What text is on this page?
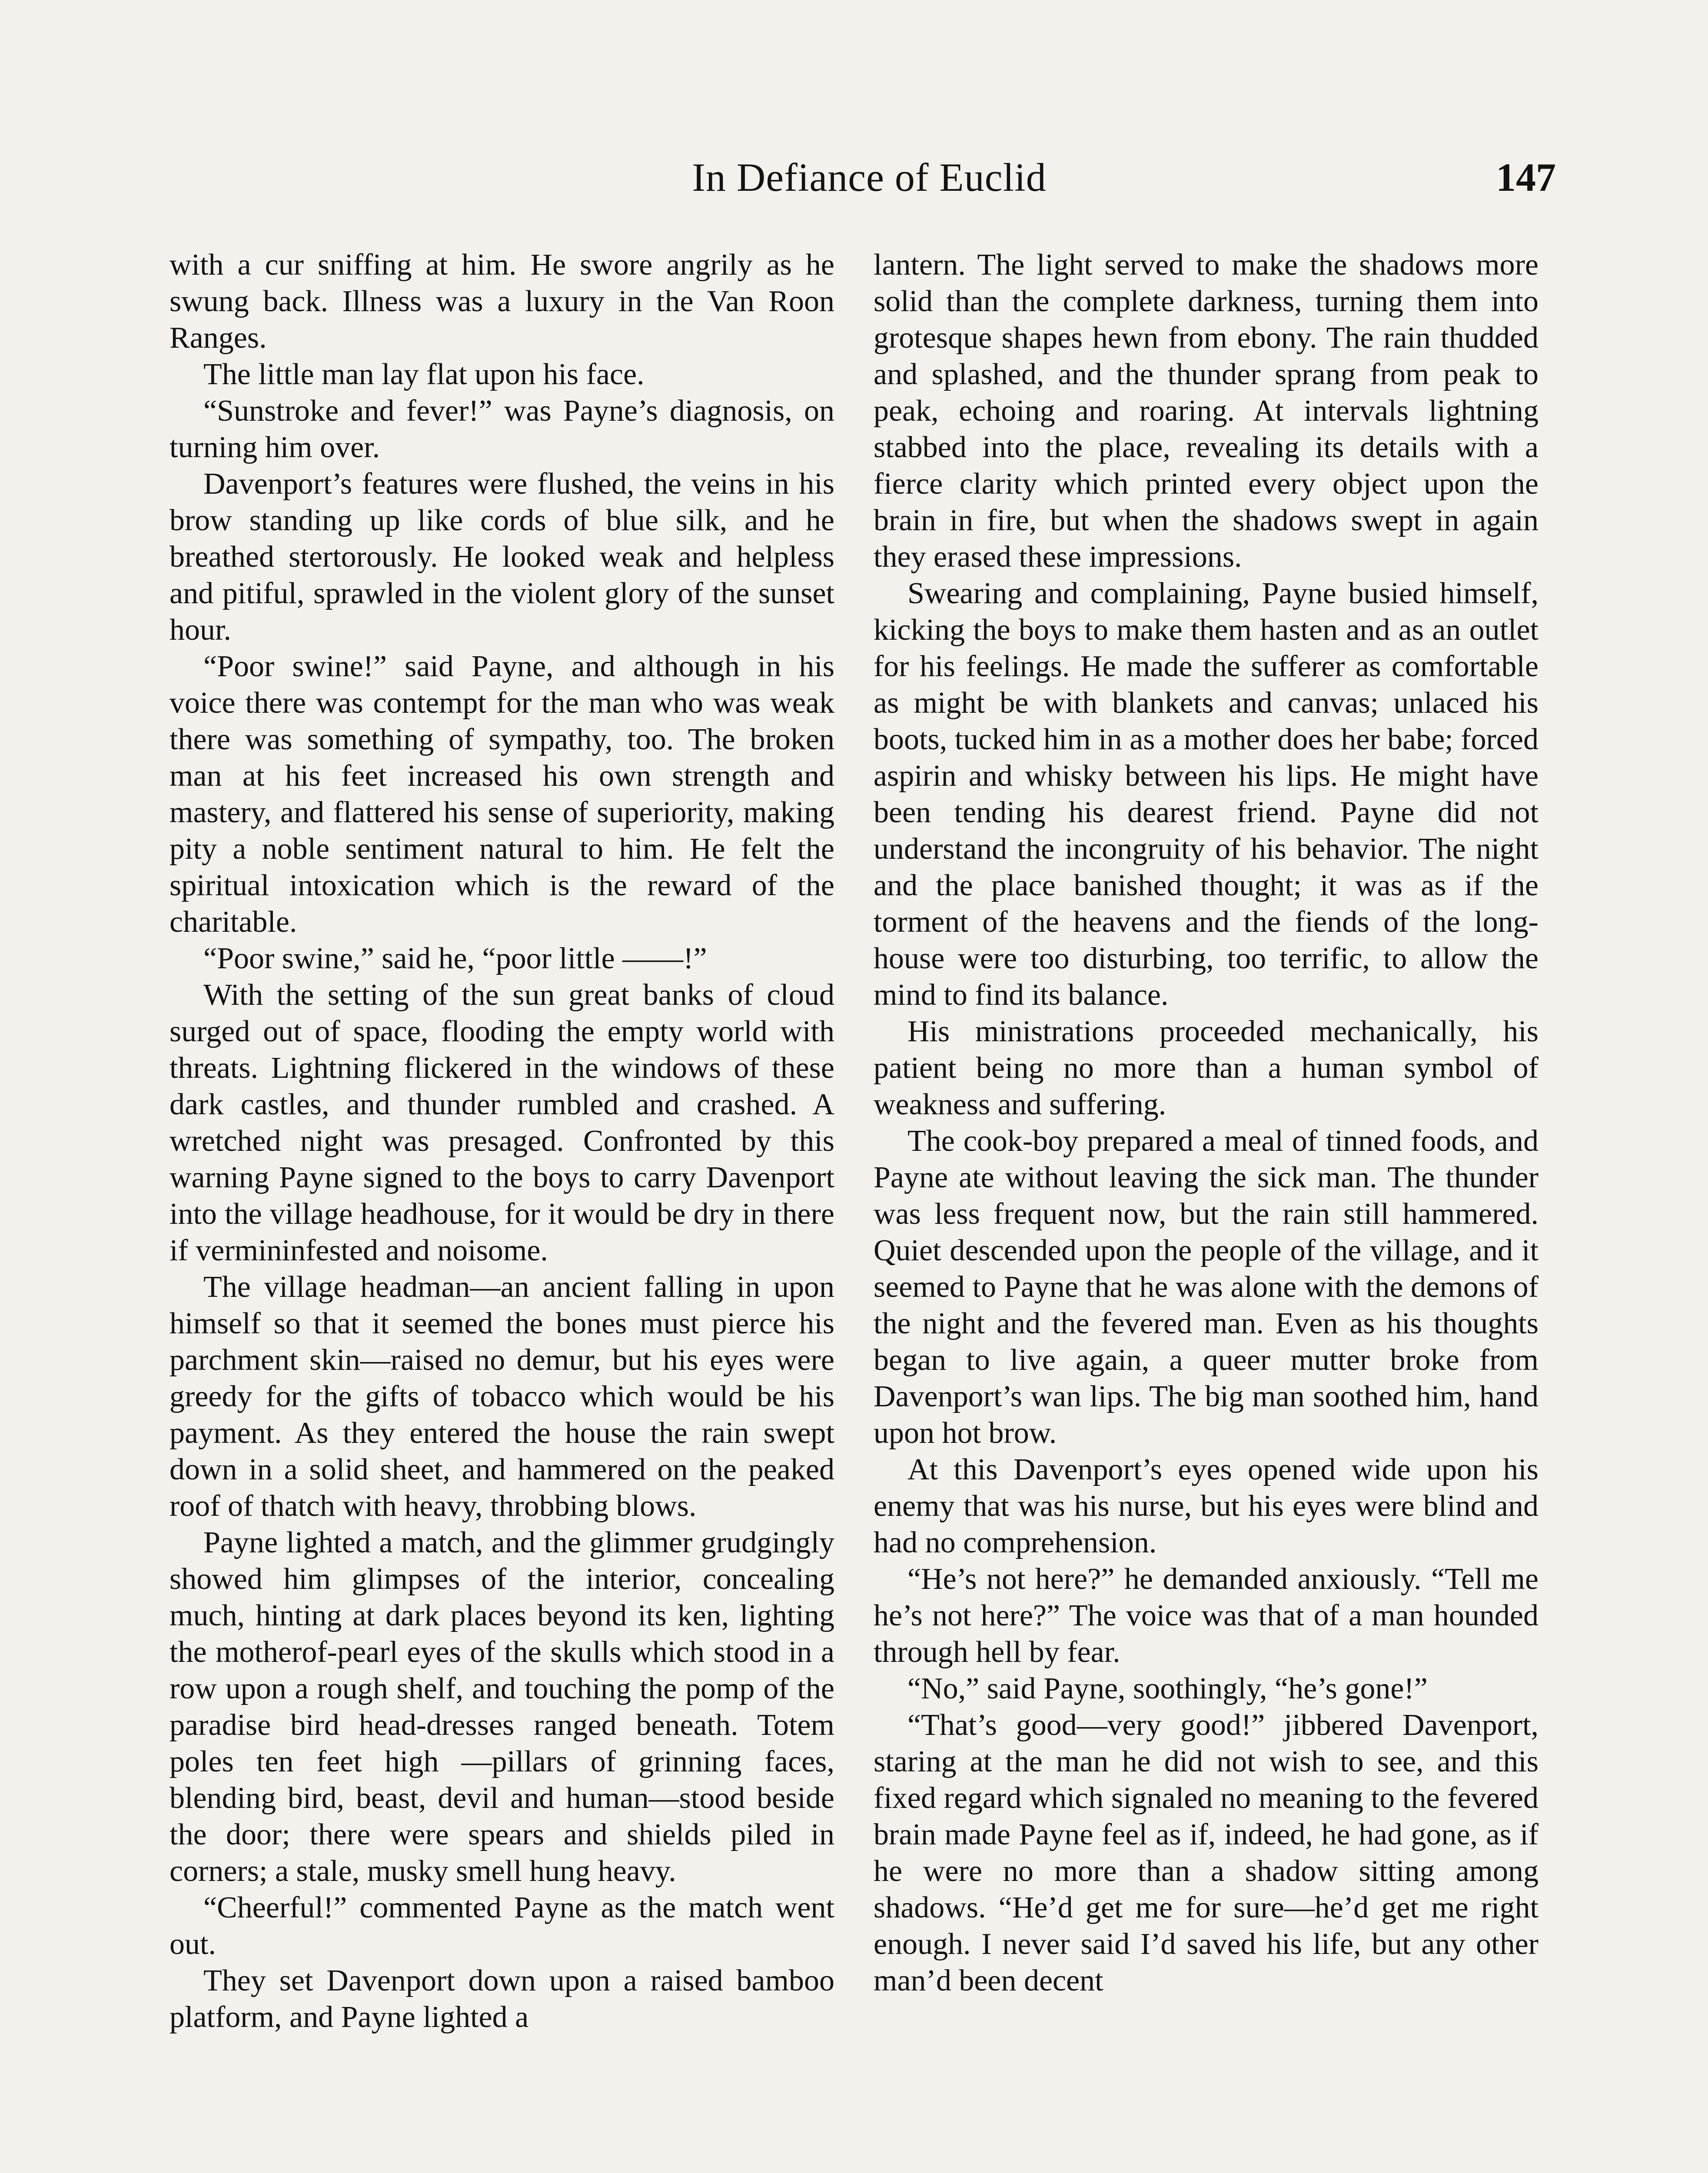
In Defiance of Euclid	147

with a cur sniffing at him. He swore angrily as he swung back. Illness was a luxury in the Van Roon Ranges.

The little man lay flat upon his face.

“Sunstroke and fever!” was Payne’s diagnosis, on turning him over.

Davenport’s features were flushed, the veins in his brow standing up like cords of blue silk, and he breathed stertorously. He looked weak and helpless and pitiful, sprawled in the violent glory of the sunset hour.

“Poor swine!” said Payne, and although in his voice there was contempt for the man who was weak there was something of sympathy, too. The broken man at his feet increased his own strength and mastery, and flattered his sense of superiority, making pity a noble sentiment natural to him. He felt the spiritual intoxication which is the reward of the charitable.

“Poor swine,” said he, “poor little ——!”

With the setting of the sun great banks of cloud surged out of space, flooding the empty world with threats. Lightning flickered in the windows of these dark castles, and thunder rumbled and crashed. A wretched night was presaged. Confronted by this warning Payne signed to the boys to carry Davenport into the village headhouse, for it would be dry in there if vermininfested and noisome.

The village headman—an ancient falling in upon himself so that it seemed the bones must pierce his parchment skin—raised no demur, but his eyes were greedy for the gifts of tobacco which would be his payment. As they entered the house the rain swept down in a solid sheet, and hammered on the peaked roof of thatch with heavy, throbbing blows.

Payne lighted a match, and the glimmer grudgingly showed him glimpses of the interior, concealing much, hinting at dark places beyond its ken, lighting the motherof-pearl eyes of the skulls which stood in a row upon a rough shelf, and touching the pomp of the paradise bird head-dresses ranged beneath. Totem poles ten feet high —pillars of grinning faces, blending bird, beast, devil and human—stood beside the door; there were spears and shields piled in corners; a stale, musky smell hung heavy.

“Cheerful!” commented Payne as the match went out.

They set Davenport down upon a raised bamboo platform, and Payne lighted a

lantern. The light served to make the shadows more solid than the complete darkness, turning them into grotesque shapes hewn from ebony. The rain thudded and splashed, and the thunder sprang from peak to peak, echoing and roaring. At intervals lightning stabbed into the place, revealing its details with a fierce clarity which printed every object upon the brain in fire, but when the shadows swept in again they erased these impressions.

Swearing and complaining, Payne busied himself, kicking the boys to make them hasten and as an outlet for his feelings. He made the sufferer as comfortable as might be with blankets and canvas; unlaced his boots, tucked him in as a mother does her babe; forced aspirin and whisky between his lips. He might have been tending his dearest friend. Payne did not understand the incongruity of his behavior. The night and the place banished thought; it was as if the torment of the heavens and the fiends of the long-house were too disturbing, too terrific, to allow the mind to find its balance.

His ministrations proceeded mechanically, his patient being no more than a human symbol of weakness and suffering.

The cook-boy prepared a meal of tinned foods, and Payne ate without leaving the sick man. The thunder was less frequent now, but the rain still hammered. Quiet descended upon the people of the village, and it seemed to Payne that he was alone with the demons of the night and the fevered man. Even as his thoughts began to live again, a queer mutter broke from Davenport’s wan lips. The big man soothed him, hand upon hot brow.

At this Davenport’s eyes opened wide upon his enemy that was his nurse, but his eyes were blind and had no comprehension.

“He’s not here?” he demanded anxiously. “Tell me he’s not here?” The voice was that of a man hounded through hell by fear.

“No,” said Payne, soothingly, “he’s gone!”

“That’s good—very good!” jibbered Davenport, staring at the man he did not wish to see, and this fixed regard which signaled no meaning to the fevered brain made Payne feel as if, indeed, he had gone, as if he were no more than a shadow sitting among shadows. “He’d get me for sure—he’d get me right enough. I never said I’d saved his life, but any other man’d been decent
